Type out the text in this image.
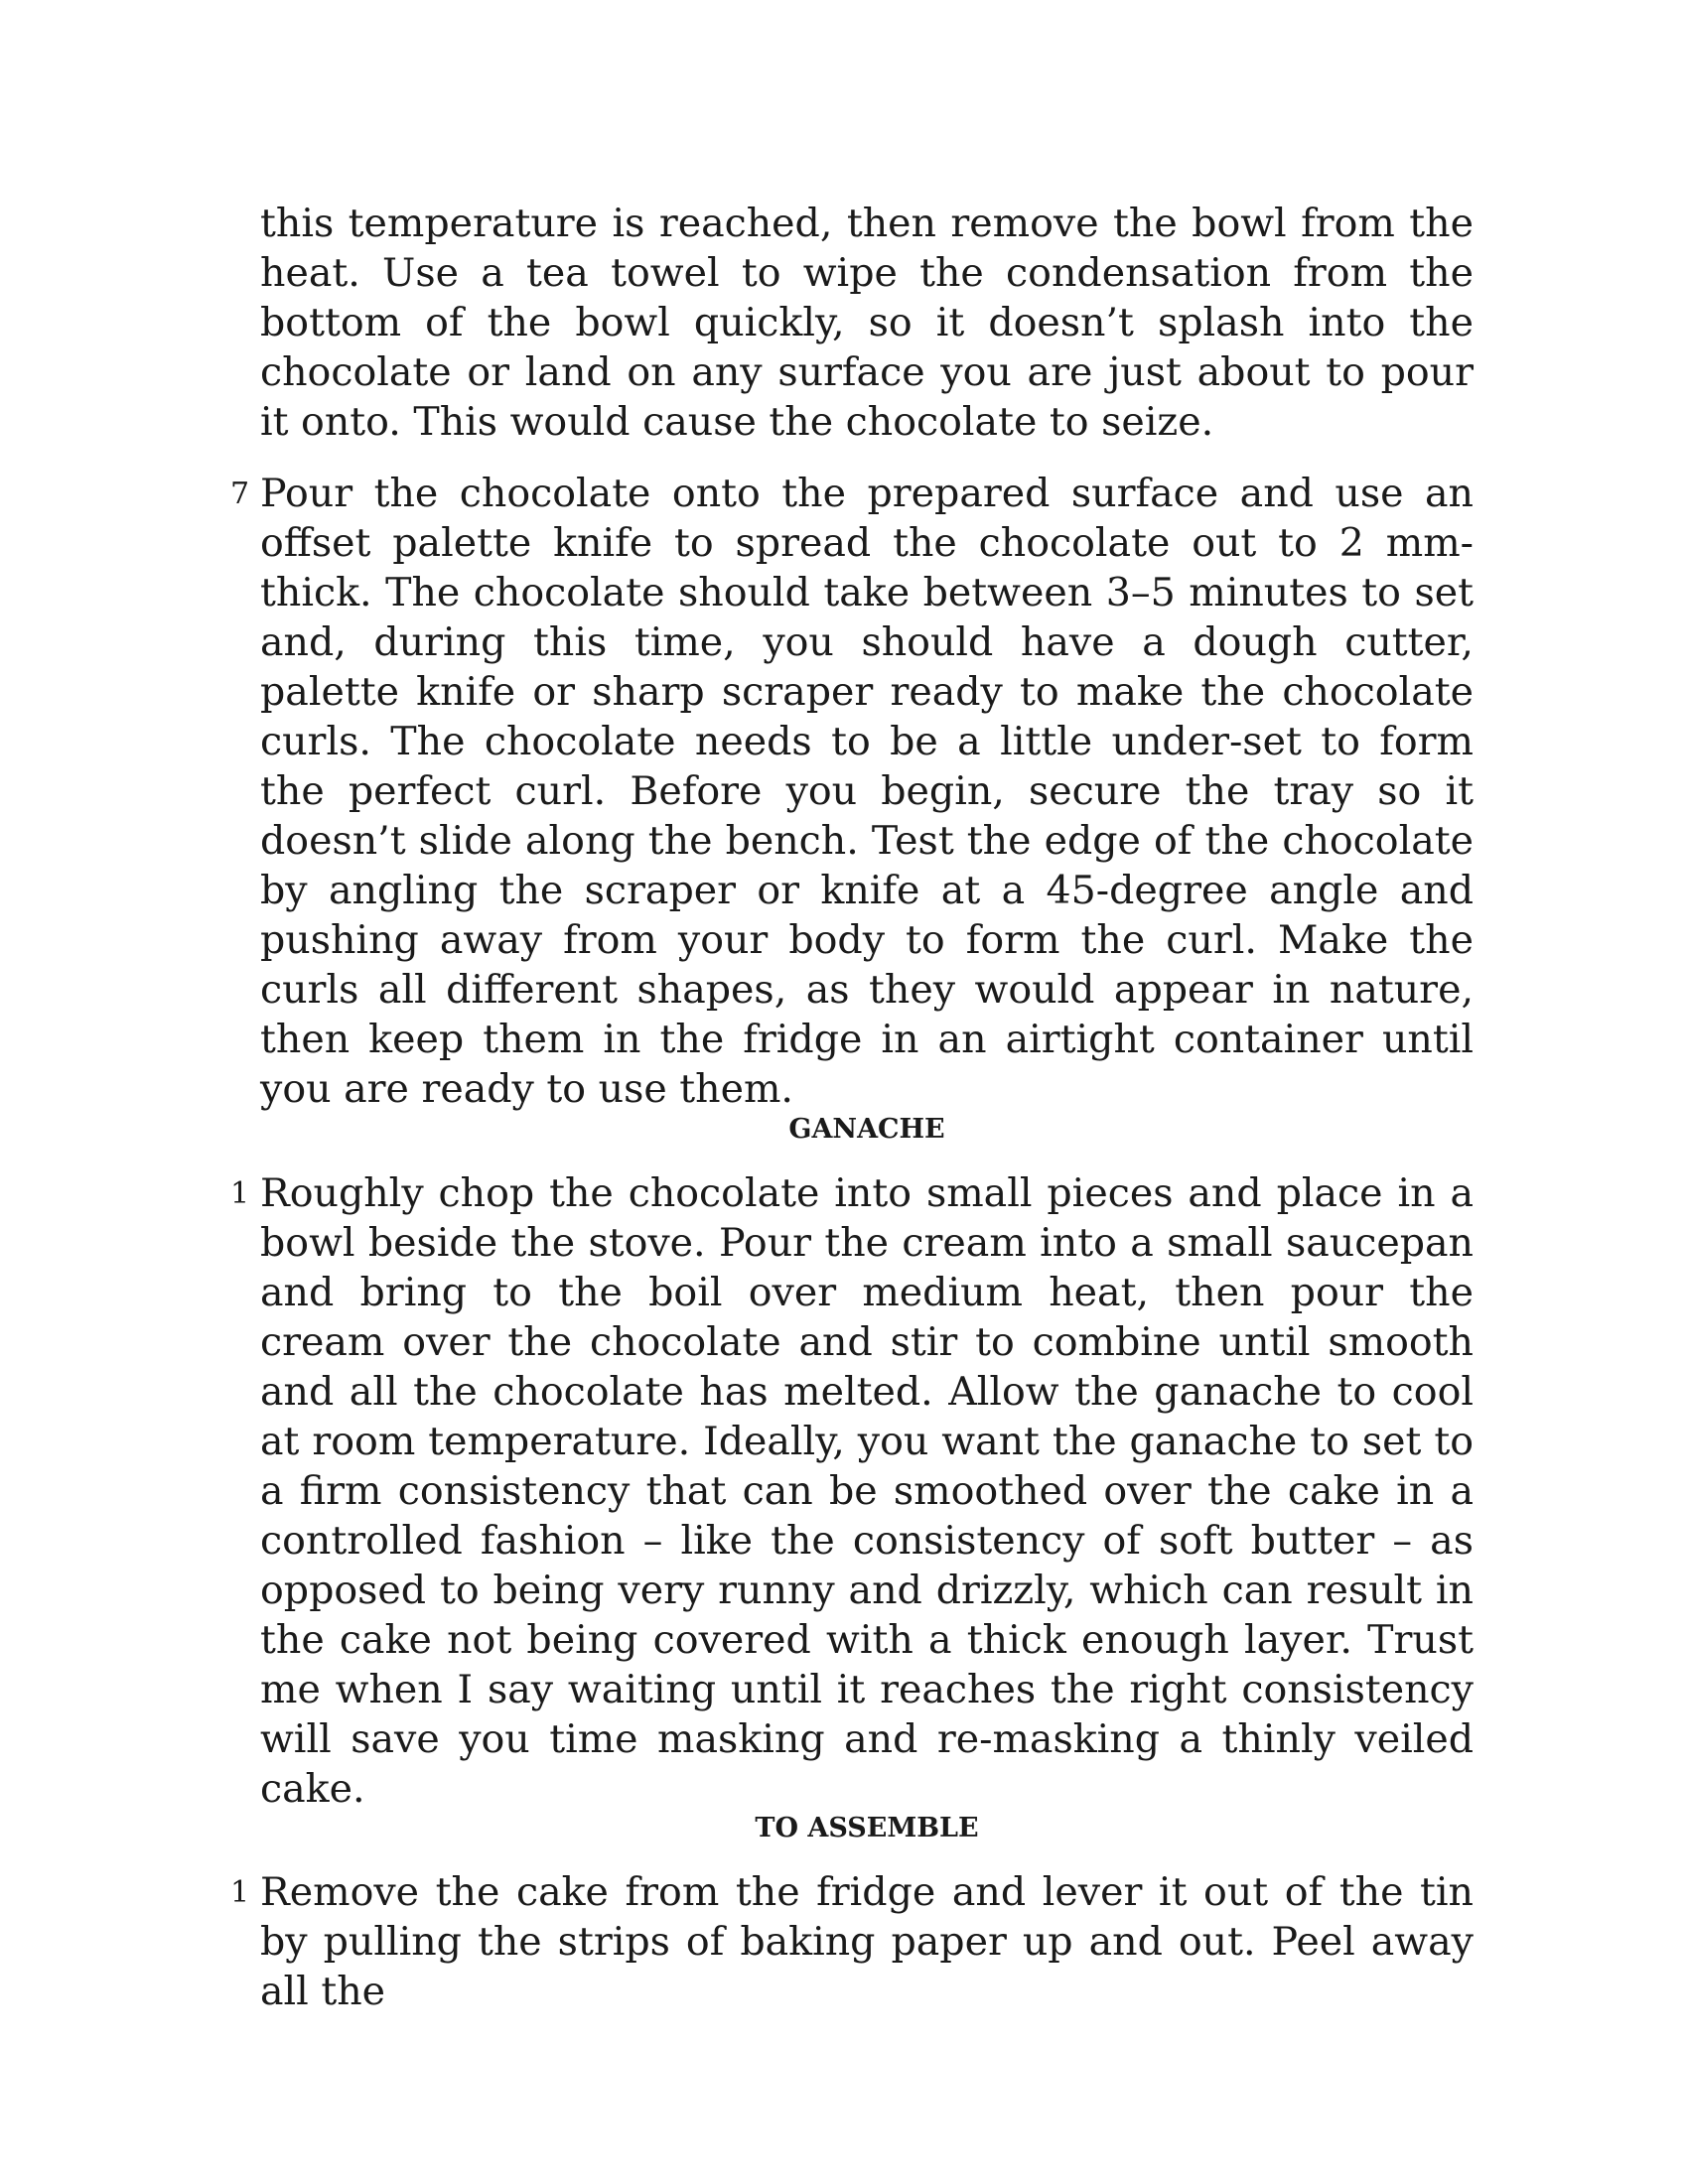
this temperature is reached, then remove the bowl from the heat. Use a tea towel to wipe the condensation from the bottom of the bowl quickly, so it doesn’t splash into the chocolate or land on any surface you are just about to pour it onto. This would cause the chocolate to seize.

7 Pour the chocolate onto the prepared surface and use an offset palette knife to spread the chocolate out to 2 mm-thick. The chocolate should take between 3–5 minutes to set and, during this time, you should have a dough cutter, palette knife or sharp scraper ready to make the chocolate curls. The chocolate needs to be a little under-set to form the perfect curl. Before you begin, secure the tray so it doesn’t slide along the bench. Test the edge of the chocolate by angling the scraper or knife at a 45-degree angle and pushing away from your body to form the curl. Make the curls all different shapes, as they would appear in nature, then keep them in the fridge in an airtight container until you are ready to use them.

GANACHE

1 Roughly chop the chocolate into small pieces and place in a bowl beside the stove. Pour the cream into a small saucepan and bring to the boil over medium heat, then pour the cream over the chocolate and stir to combine until smooth and all the chocolate has melted. Allow the ganache to cool at room temperature. Ideally, you want the ganache to set to a firm consistency that can be smoothed over the cake in a controlled fashion – like the consistency of soft butter – as opposed to being very runny and drizzly, which can result in the cake not being covered with a thick enough layer. Trust me when I say waiting until it reaches the right consistency will save you time masking and re-masking a thinly veiled cake.

TO ASSEMBLE

1 Remove the cake from the fridge and lever it out of the tin by pulling the strips of baking paper up and out. Peel away all the
